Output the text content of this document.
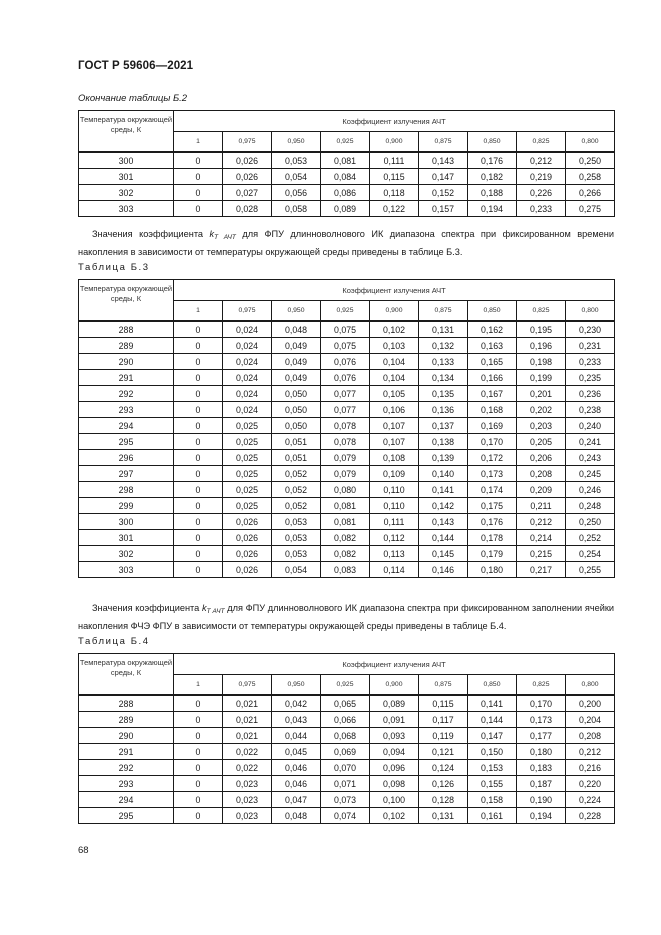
ГОСТ Р 59606—2021
Окончание таблицы Б.2
Температура окружающей среды, К	Коэффициент излучения АЧТ								
	1	0,975	0,950	0,925	0,900	0,875	0,850	0,825	0,800
300	0	0,026	0,053	0,081	0,111	0,143	0,176	0,212	0,250
301	0	0,026	0,054	0,084	0,115	0,147	0,182	0,219	0,258
302	0	0,027	0,056	0,086	0,118	0,152	0,188	0,226	0,266
303	0	0,028	0,058	0,089	0,122	0,157	0,194	0,233	0,275
Значения коэффициента $k_{T АЧТ}$ для ФПУ длинноволнового ИК диапазона спектра при фиксированном времени накопления в зависимости от температуры окружающей среды приведены в таблице Б.3.
Таблица Б.3
Температура окружающей среды, К	Коэффициент излучения АЧТ								
	1	0,975	0,950	0,925	0,900	0,875	0,850	0,825	0,800
288	0	0,024	0,048	0,075	0,102	0,131	0,162	0,195	0,230
289	0	0,024	0,049	0,075	0,103	0,132	0,163	0,196	0,231
290	0	0,024	0,049	0,076	0,104	0,133	0,165	0,198	0,233
291	0	0,024	0,049	0,076	0,104	0,134	0,166	0,199	0,235
292	0	0,024	0,050	0,077	0,105	0,135	0,167	0,201	0,236
293	0	0,024	0,050	0,077	0,106	0,136	0,168	0,202	0,238
294	0	0,025	0,050	0,078	0,107	0,137	0,169	0,203	0,240
295	0	0,025	0,051	0,078	0,107	0,138	0,170	0,205	0,241
296	0	0,025	0,051	0,079	0,108	0,139	0,172	0,206	0,243
297	0	0,025	0,052	0,079	0,109	0,140	0,173	0,208	0,245
298	0	0,025	0,052	0,080	0,110	0,141	0,174	0,209	0,246
299	0	0,025	0,052	0,081	0,110	0,142	0,175	0,211	0,248
300	0	0,026	0,053	0,081	0,111	0,143	0,176	0,212	0,250
301	0	0,026	0,053	0,082	0,112	0,144	0,178	0,214	0,252
302	0	0,026	0,053	0,082	0,113	0,145	0,179	0,215	0,254
303	0	0,026	0,054	0,083	0,114	0,146	0,180	0,217	0,255
Значения коэффициента $k_{T АЧТ}$ для ФПУ длинноволнового ИК диапазона спектра при фиксированном заполнении ячейки накопления ФЧЭ ФПУ в зависимости от температуры окружающей среды приведены в таблице Б.4.
Таблица Б.4
Температура окружающей среды, К	Коэффициент излучения АЧТ								
	1	0,975	0,950	0,925	0,900	0,875	0,850	0,825	0,800
288	0	0,021	0,042	0,065	0,089	0,115	0,141	0,170	0,200
289	0	0,021	0,043	0,066	0,091	0,117	0,144	0,173	0,204
290	0	0,021	0,044	0,068	0,093	0,119	0,147	0,177	0,208
291	0	0,022	0,045	0,069	0,094	0,121	0,150	0,180	0,212
292	0	0,022	0,046	0,070	0,096	0,124	0,153	0,183	0,216
293	0	0,023	0,046	0,071	0,098	0,126	0,155	0,187	0,220
294	0	0,023	0,047	0,073	0,100	0,128	0,158	0,190	0,224
295	0	0,023	0,048	0,074	0,102	0,131	0,161	0,194	0,228
68
